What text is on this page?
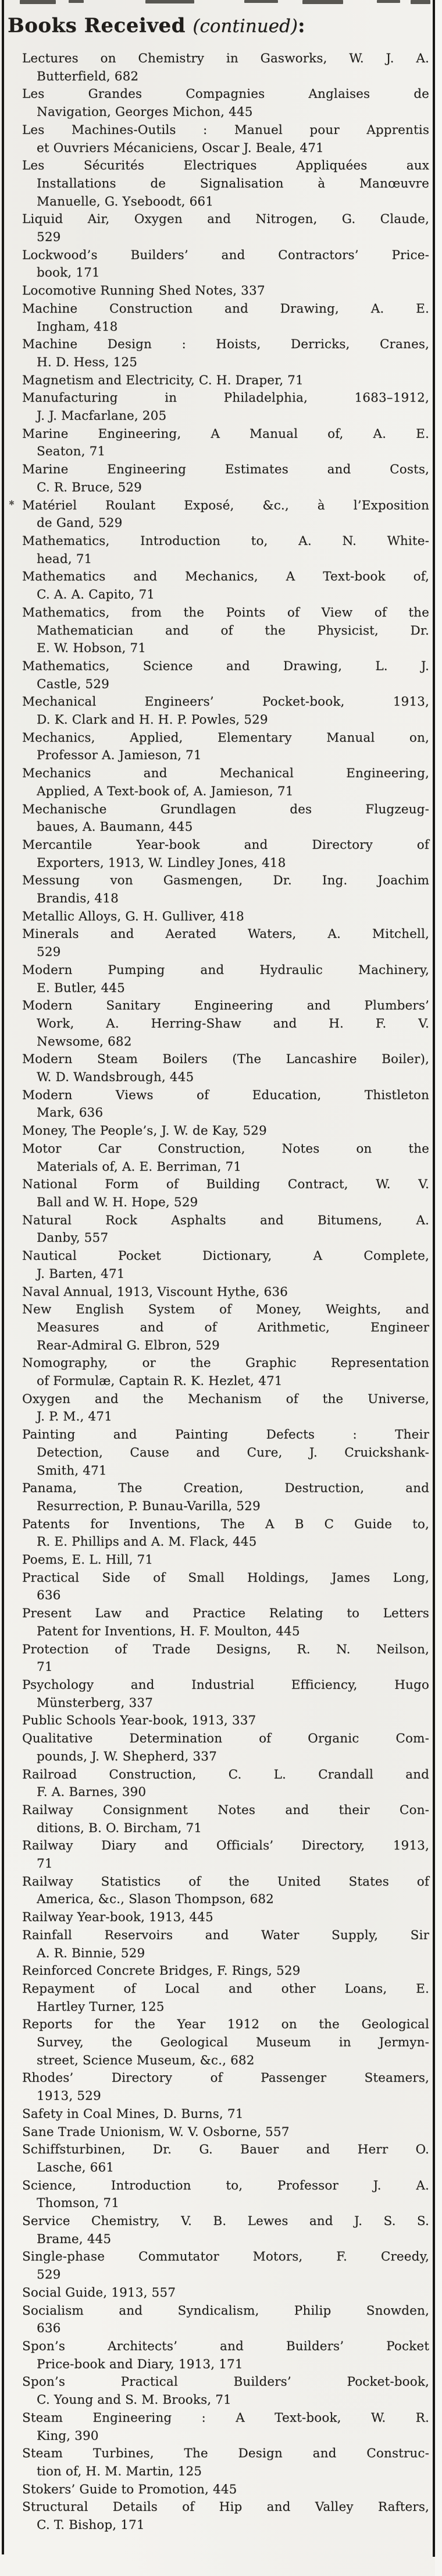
Books Received (continued):
Lectures on Chemistry in Gasworks, W. J. A.
Butterfield, 682
Les Grandes Compagnies Anglaises de
Navigation, Georges Michon, 445
Les Machines-Outils : Manuel pour Apprentis
et Ouvriers Mécaniciens, Oscar J. Beale, 471
Les Sécurités Electriques Appliquées aux
Installations de Signalisation à Manœuvre
Manuelle, G. Yseboodt, 661
Liquid Air, Oxygen and Nitrogen, G. Claude,
529
Lockwood’s Builders’ and Contractors’ Price-
book, 171
Locomotive Running Shed Notes, 337
Machine Construction and Drawing, A. E.
Ingham, 418
Machine Design : Hoists, Derricks, Cranes,
H. D. Hess, 125
Magnetism and Electricity, C. H. Draper, 71
Manufacturing in Philadelphia, 1683–1912,
J. J. Macfarlane, 205
Marine Engineering, A Manual of, A. E.
Seaton, 71
Marine Engineering Estimates and Costs,
C. R. Bruce, 529
✱ Matériel Roulant Exposé, &c., à l’Exposition
de Gand, 529
Mathematics, Introduction to, A. N. White-
head, 71
Mathematics and Mechanics, A Text-book of,
C. A. A. Capito, 71
Mathematics, from the Points of View of the
Mathematician and of the Physicist, Dr.
E. W. Hobson, 71
Mathematics, Science and Drawing, L. J.
Castle, 529
Mechanical Engineers’ Pocket-book, 1913,
D. K. Clark and H. H. P. Powles, 529
Mechanics, Applied, Elementary Manual on,
Professor A. Jamieson, 71
Mechanics and Mechanical Engineering,
Applied, A Text-book of, A. Jamieson, 71
Mechanische Grundlagen des Flugzeug-
baues, A. Baumann, 445
Mercantile Year-book and Directory of
Exporters, 1913, W. Lindley Jones, 418
Messung von Gasmengen, Dr. Ing. Joachim
Brandis, 418
Metallic Alloys, G. H. Gulliver, 418
Minerals and Aerated Waters, A. Mitchell,
529
Modern Pumping and Hydraulic Machinery,
E. Butler, 445
Modern Sanitary Engineering and Plumbers’
Work, A. Herring-Shaw and H. F. V.
Newsome, 682
Modern Steam Boilers (The Lancashire Boiler),
W. D. Wandsbrough, 445
Modern Views of Education, Thistleton
Mark, 636
Money, The People’s, J. W. de Kay, 529
Motor Car Construction, Notes on the
Materials of, A. E. Berriman, 71
National Form of Building Contract, W. V.
Ball and W. H. Hope, 529
Natural Rock Asphalts and Bitumens, A.
Danby, 557
Nautical Pocket Dictionary, A Complete,
J. Barten, 471
Naval Annual, 1913, Viscount Hythe, 636
New English System of Money, Weights, and
Measures and of Arithmetic, Engineer
Rear-Admiral G. Elbron, 529
Nomography, or the Graphic Representation
of Formulæ, Captain R. K. Hezlet, 471
Oxygen and the Mechanism of the Universe,
J. P. M., 471
Painting and Painting Defects : Their
Detection, Cause and Cure, J. Cruickshank-
Smith, 471
Panama, The Creation, Destruction, and
Resurrection, P. Bunau-Varilla, 529
Patents for Inventions, The A B C Guide to,
R. E. Phillips and A. M. Flack, 445
Poems, E. L. Hill, 71
Practical Side of Small Holdings, James Long,
636
Present Law and Practice Relating to Letters
Patent for Inventions, H. F. Moulton, 445
Protection of Trade Designs, R. N. Neilson,
71
Psychology and Industrial Efficiency, Hugo
Münsterberg, 337
Public Schools Year-book, 1913, 337
Qualitative Determination of Organic Com-
pounds, J. W. Shepherd, 337
Railroad Construction, C. L. Crandall and
F. A. Barnes, 390
Railway Consignment Notes and their Con-
ditions, B. O. Bircham, 71
Railway Diary and Officials’ Directory, 1913,
71
Railway Statistics of the United States of
America, &c., Slason Thompson, 682
Railway Year-book, 1913, 445
Rainfall Reservoirs and Water Supply, Sir
A. R. Binnie, 529
Reinforced Concrete Bridges, F. Rings, 529
Repayment of Local and other Loans, E.
Hartley Turner, 125
Reports for the Year 1912 on the Geological
Survey, the Geological Museum in Jermyn-
street, Science Museum, &c., 682
Rhodes’ Directory of Passenger Steamers,
1913, 529
Safety in Coal Mines, D. Burns, 71
Sane Trade Unionism, W. V. Osborne, 557
Schiffsturbinen, Dr. G. Bauer and Herr O.
Lasche, 661
Science, Introduction to, Professor J. A.
Thomson, 71
Service Chemistry, V. B. Lewes and J. S. S.
Brame, 445
Single-phase Commutator Motors, F. Creedy,
529
Social Guide, 1913, 557
Socialism and Syndicalism, Philip Snowden,
636
Spon’s Architects’ and Builders’ Pocket
Price-book and Diary, 1913, 171
Spon’s Practical Builders’ Pocket-book,
C. Young and S. M. Brooks, 71
Steam Engineering : A Text-book, W. R.
King, 390
Steam Turbines, The Design and Construc-
tion of, H. M. Martin, 125
Stokers’ Guide to Promotion, 445
Structural Details of Hip and Valley Rafters,
C. T. Bishop, 171
